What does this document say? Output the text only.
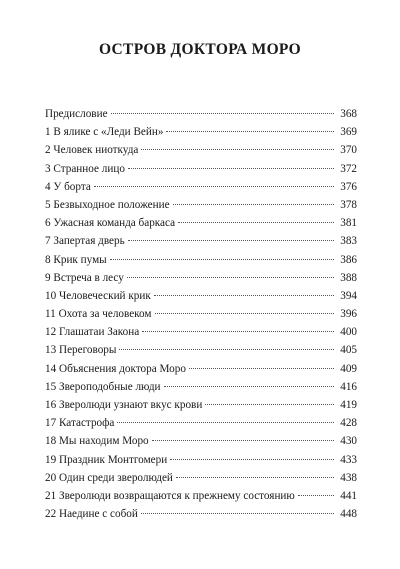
ОСТРОВ ДОКТОРА МОРО
Предисловие	368
1 В ялике с «Леди Вейн»	369
2 Человек ниоткуда	370
3 Странное лицо	372
4 У борта	376
5 Безвыходное положение	378
6 Ужасная команда баркаса	381
7 Запертая дверь	383
8 Крик пумы	386
9 Встреча в лесу	388
10 Человеческий крик	394
11 Охота за человеком	396
12 Глашатаи Закона	400
13 Переговоры	405
14 Объяснения доктора Моро	409
15 Звероподобные люди	416
16 Зверолюди узнают вкус крови	419
17 Катастрофа	428
18 Мы находим Моро	430
19 Праздник Монтгомери	433
20 Один среди зверолюдей	438
21 Зверолюди возвращаются к прежнему состоянию	441
22 Наедине с собой	448
